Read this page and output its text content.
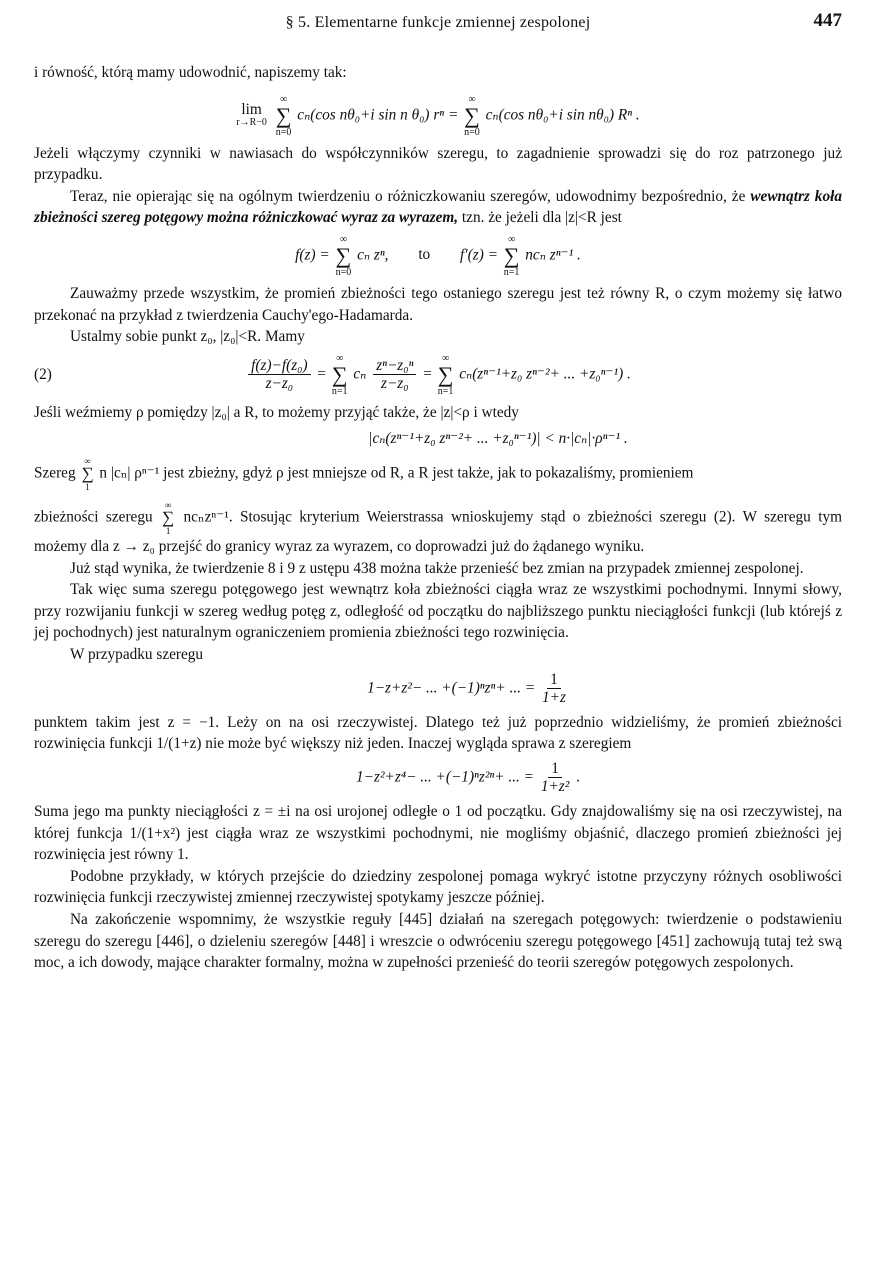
§ 5. Elementarne funkcje zmiennej zespolonej	447

i równość, którą mamy udowodnić, napiszemy tak:

lim
r→R−0

∞
∑
n=0
cₙ(cos nθ₀+i sin n θ₀) rⁿ =
∞
∑
n=0
cₙ(cos nθ₀+i sin nθ₀) Rⁿ .

Jeżeli włączymy czynniki w nawiasach do współczynników szeregu, to zagadnienie sprowadzi się do roz patrzonego już przypadku.

Teraz, nie opierając się na ogólnym twierdzeniu o różniczkowaniu szeregów, udowodnimy bezpośrednio, że wewnątrz koła zbieżności szereg potęgowy można różniczkować wyraz za wyrazem, tzn. że jeżeli dla |z|<R jest

f(z) =
∞
∑
n=0
cₙ zⁿ, to f′(z) =
∞
∑
n=1
ncₙ zⁿ⁻¹ .

Zauważmy przede wszystkim, że promień zbieżności tego ostaniego szeregu jest też równy R, o czym możemy się łatwo przekonać na przykład z twierdzenia Cauchy'ego-Hadamarda.

Ustalmy sobie punkt z₀, |z₀|<R. Mamy

(2)	$\frac{\text{f(z)−f(z₀)}}{\text{z−z₀}}$ =
∞
∑
n=1
cₙ $\frac{\text{zⁿ−z₀ⁿ}}{\text{z−z₀}}$ =
∞
∑
n=1
cₙ(zⁿ⁻¹+z₀ zⁿ⁻²+ ... +z₀ⁿ⁻¹) .

Jeśli weźmiemy ρ pomiędzy |z₀| a R, to możemy przyjąć także, że |z|<ρ i wtedy

|cₙ(zⁿ⁻¹+z₀ zⁿ⁻²+ ... +z₀ⁿ⁻¹)| < n·|cₙ|·ρⁿ⁻¹ .

Szereg
∞
∑
1
n |cₙ| ρⁿ⁻¹ jest zbieżny, gdyż ρ jest mniejsze od R, a R jest także, jak to pokazaliśmy, promieniem

zbieżności szeregu
∞
∑
1
ncₙzⁿ⁻¹. Stosując kryterium Weierstrassa wnioskujemy stąd o zbieżności szeregu (2). W szeregu tym możemy dla z → z₀ przejść do granicy wyraz za wyrazem, co doprowadzi już do żądanego wyniku.

Już stąd wynika, że twierdzenie 8 i 9 z ustępu 438 można także przenieść bez zmian na przypadek zmiennej zespolonej.

Tak więc suma szeregu potęgowego jest wewnątrz koła zbieżności ciągła wraz ze wszystkimi pochodnymi. Innymi słowy, przy rozwijaniu funkcji w szereg według potęg z, odległość od początku do najbliższego punktu nieciągłości funkcji (lub którejś z jej pochodnych) jest naturalnym ograniczeniem promienia zbieżności tego rozwinięcia.

W przypadku szeregu

1−z+z²− ... +(−1)ⁿzⁿ+ ... = $\frac{1}{1+z}$

punktem takim jest z = −1. Leży on na osi rzeczywistej. Dlatego też już poprzednio widzieliśmy, że promień zbieżności rozwinięcia funkcji 1/(1+z) nie może być większy niż jeden. Inaczej wygląda sprawa z szeregiem

1−z²+z⁴− ... +(−1)ⁿz²ⁿ+ ... = $\frac{1}{\text{1+z²}}$ .

Suma jego ma punkty nieciągłości z = ±i na osi urojonej odległe o 1 od początku. Gdy znajdowaliśmy się na osi rzeczywistej, na której funkcja 1/(1+x²) jest ciągła wraz ze wszystkimi pochodnymi, nie mogliśmy objaśnić, dlaczego promień zbieżności jej rozwinięcia jest równy 1.

Podobne przykłady, w których przejście do dziedziny zespolonej pomaga wykryć istotne przyczyny różnych osobliwości rozwinięcia funkcji rzeczywistej zmiennej rzeczywistej spotykamy jeszcze później.

Na zakończenie wspomnimy, że wszystkie reguły [445] działań na szeregach potęgowych: twierdzenie o podstawieniu szeregu do szeregu [446], o dzieleniu szeregów [448] i wreszcie o odwróceniu szeregu potęgowego [451] zachowują tutaj też swą moc, a ich dowody, mające charakter formalny, można w zupełności przenieść do teorii szeregów potęgowych zespolonych.
